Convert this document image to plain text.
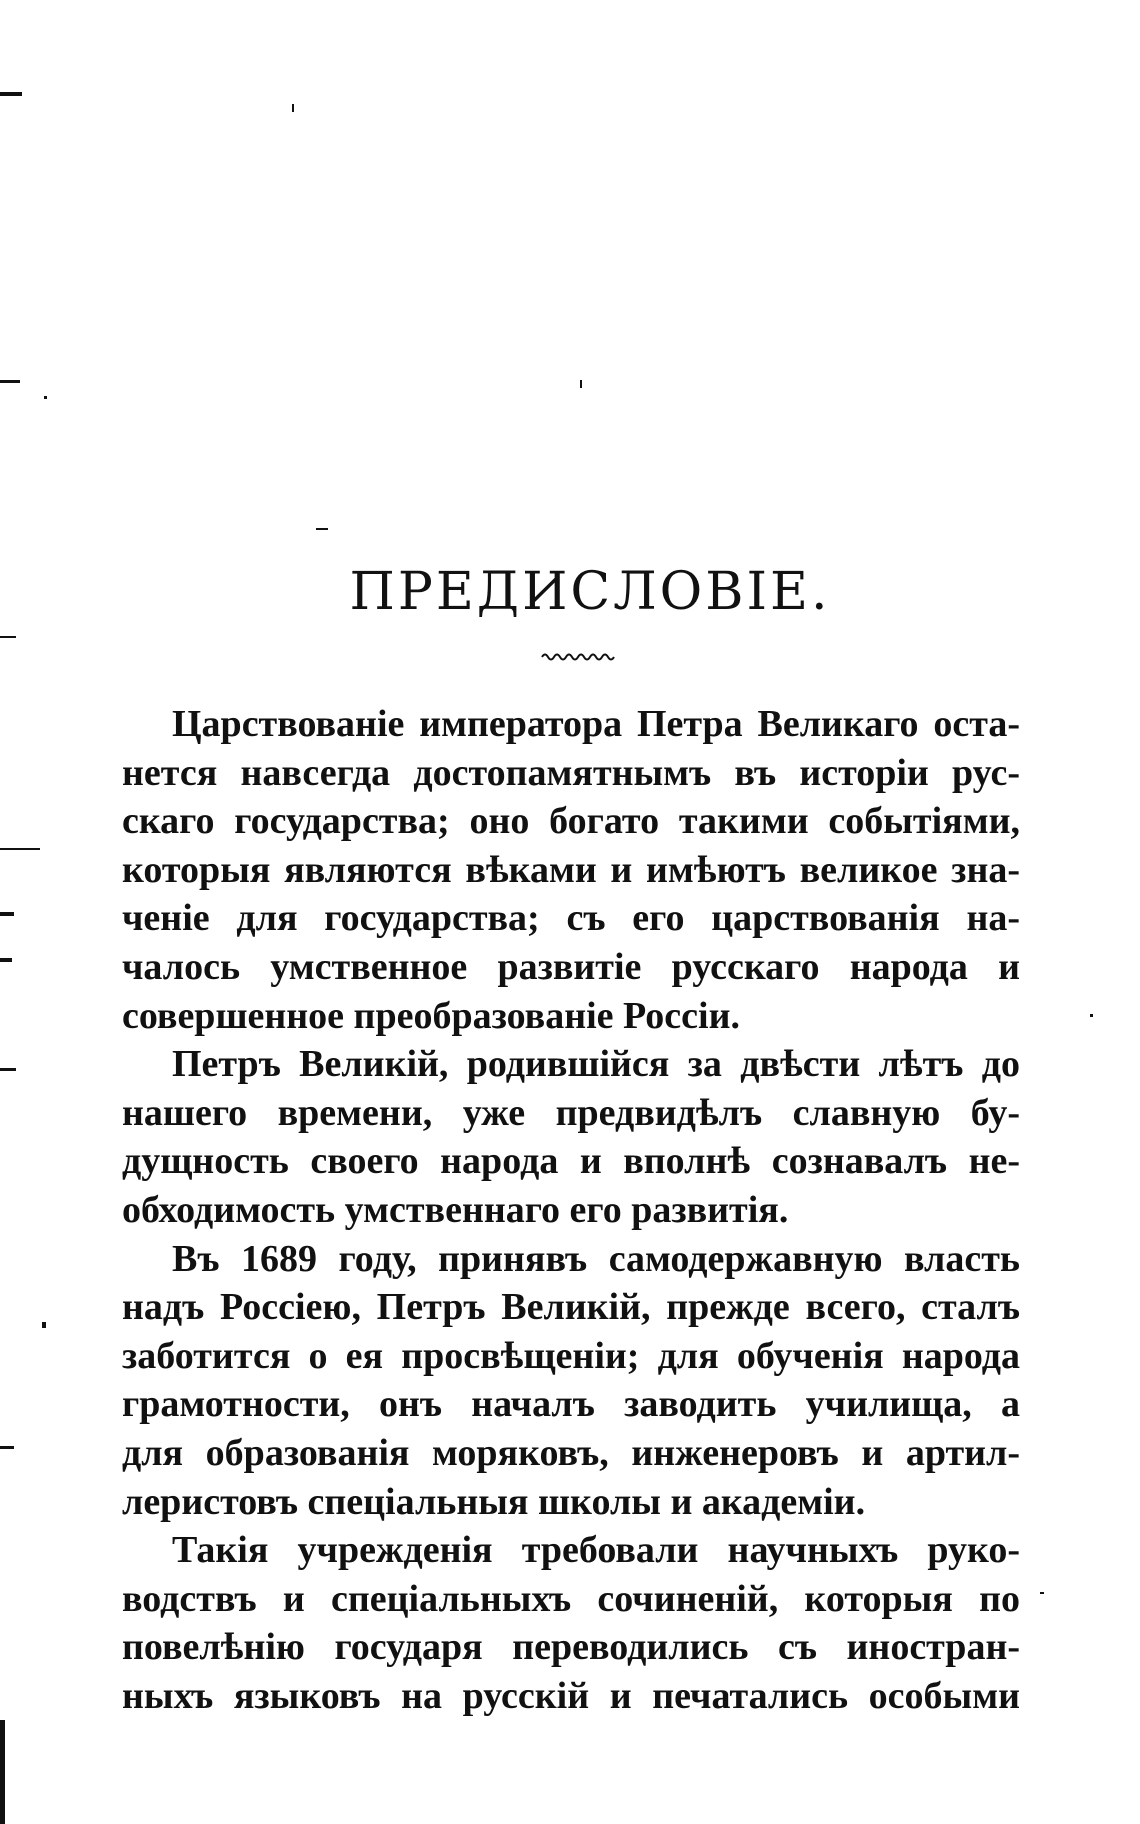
ПРЕДИСЛОВІЕ.
Царствованіе императора Петра Великаго оста-
нется навсегда достопамятнымъ въ исторіи рус-
скаго государства; оно богато такими событіями,
которыя являются вѣками и имѣютъ великое зна-
ченіе для государства; съ его царствованія на-
чалось умственное развитіе русскаго народа и
совершенное преобразованіе Россіи.
Петръ Великій, родившійся за двѣсти лѣтъ до
нашего времени, уже предвидѣлъ славную бу-
дущность своего народа и вполнѣ сознавалъ не-
обходимость умственнаго его развитія.
Въ 1689 году, принявъ самодержавную власть
надъ Россіею, Петръ Великій, прежде всего, сталъ
заботится о ея просвѣщеніи; для обученія народа
грамотности, онъ началъ заводить училища, а
для образованія моряковъ, инженеровъ и артил-
леристовъ спеціальныя школы и академіи.
Такія учрежденія требовали научныхъ руко-
водствъ и спеціальныхъ сочиненій, которыя по
повелѣнію государя переводились съ иностран-
ныхъ языковъ на русскій и печатались особыми
